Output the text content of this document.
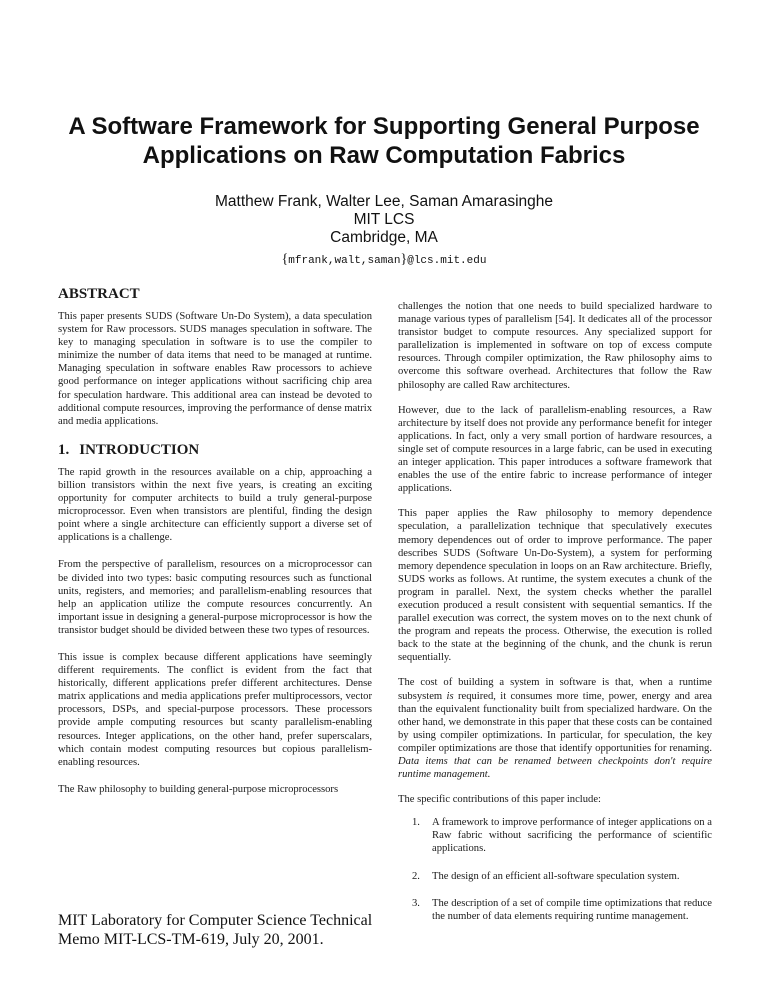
A Software Framework for Supporting General Purpose
Applications on Raw Computation Fabrics
Matthew Frank, Walter Lee, Saman Amarasinghe
MIT LCS
Cambridge, MA
{mfrank,walt,saman}@lcs.mit.edu
ABSTRACT

This paper presents SUDS (Software Un-Do System), a data speculation system for Raw processors. SUDS manages speculation in software. The key to managing speculation in software is to use the compiler to minimize the number of data items that need to be managed at runtime. Managing speculation in software enables Raw processors to achieve good performance on integer applications without sacrificing chip area for speculation hardware. This additional area can instead be devoted to additional compute resources, improving the performance of dense matrix and media applications.

1. INTRODUCTION

The rapid growth in the resources available on a chip, approaching a billion transistors within the next five years, is creating an exciting opportunity for computer architects to build a truly general-purpose microprocessor. Even when transistors are plentiful, finding the design point where a single architecture can efficiently support a diverse set of applications is a challenge.

From the perspective of parallelism, resources on a microprocessor can be divided into two types: basic computing resources such as functional units, registers, and memories; and parallelism-enabling resources that help an application utilize the compute resources concurrently. An important issue in designing a general-purpose microprocessor is how the transistor budget should be divided between these two types of resources.

This issue is complex because different applications have seemingly different requirements. The conflict is evident from the fact that historically, different applications prefer different architectures. Dense matrix applications and media applications prefer multiprocessors, vector processors, DSPs, and special-purpose processors. These processors provide ample computing resources but scanty parallelism-enabling resources. Integer applications, on the other hand, prefer superscalars, which contain modest computing resources but copious parallelism-enabling resources.

The Raw philosophy to building general-purpose microprocessors

challenges the notion that one needs to build specialized hardware to manage various types of parallelism [54]. It dedicates all of the processor transistor budget to compute resources. Any specialized support for parallelization is implemented in software on top of excess compute resources. Through compiler optimization, the Raw philosophy aims to overcome this software overhead. Architectures that follow the Raw philosophy are called Raw architectures.

However, due to the lack of parallelism-enabling resources, a Raw architecture by itself does not provide any performance benefit for integer applications. In fact, only a very small portion of hardware resources, a single set of compute resources in a large fabric, can be used in executing an integer application. This paper introduces a software framework that enables the use of the entire fabric to increase performance of integer applications.

This paper applies the Raw philosophy to memory dependence speculation, a parallelization technique that speculatively executes memory dependences out of order to improve performance. The paper describes SUDS (Software Un-Do-System), a system for performing memory dependence speculation in loops on an Raw architecture. Briefly, SUDS works as follows. At runtime, the system executes a chunk of the program in parallel. Next, the system checks whether the parallel execution produced a result consistent with sequential semantics. If the parallel execution was correct, the system moves on to the next chunk of the program and repeats the process. Otherwise, the execution is rolled back to the state at the beginning of the chunk, and the chunk is rerun sequentially.

The cost of building a system in software is that, when a runtime subsystem is required, it consumes more time, power, energy and area than the equivalent functionality built from specialized hardware. On the other hand, we demonstrate in this paper that these costs can be contained by using compiler optimizations. In particular, for speculation, the key compiler optimizations are those that identify opportunities for renaming. Data items that can be renamed between checkpoints don't require runtime management.

The specific contributions of this paper include:

1. A framework to improve performance of integer applications on a Raw fabric without sacrificing the performance of scientific applications.
2. The design of an efficient all-software speculation system.
3. The description of a set of compile time optimizations that reduce the number of data elements requiring runtime management.
MIT Laboratory for Computer Science Technical
Memo MIT-LCS-TM-619, July 20, 2001.
